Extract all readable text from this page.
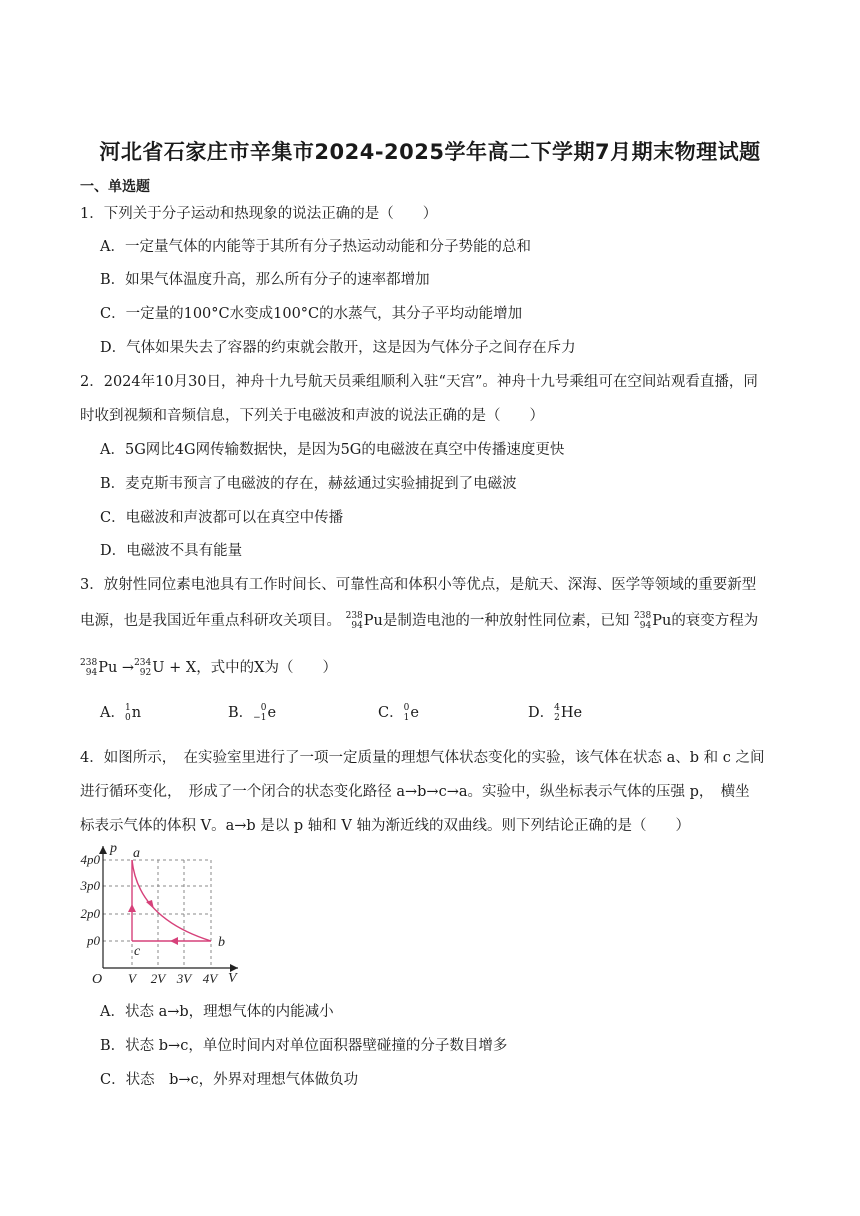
河北省石家庄市辛集市2024-2025学年高二下学期7月期末物理试题
一、单选题
1．下列关于分子运动和热现象的说法正确的是（　　）
A．一定量气体的内能等于其所有分子热运动动能和分子势能的总和
B．如果气体温度升高，那么所有分子的速率都增加
C．一定量的100°C水变成100°C的水蒸气，其分子平均动能增加
D．气体如果失去了容器的约束就会散开，这是因为气体分子之间存在斥力
2．2024年10月30日，神舟十九号航天员乘组顺利入驻“天宫”。神舟十九号乘组可在空间站观看直播，同
时收到视频和音频信息，下列关于电磁波和声波的说法正确的是（　　）
A．5G网比4G网传输数据快，是因为5G的电磁波在真空中传播速度更快
B．麦克斯韦预言了电磁波的存在，赫兹通过实验捕捉到了电磁波
C．电磁波和声波都可以在真空中传播
D．电磁波不具有能量
3．放射性同位素电池具有工作时间长、可靠性高和体积小等优点，是航天、深海、医学等领域的重要新型
电源，也是我国近年重点科研攻关项目。 238
94 Pu是制造电池的一种放射性同位素，已知 238
94 Pu的衰变方程为
238
94 Pu → 234
92 U + X，式中的X为（　　）
A． 1
0 n	B． 0
−1 e	C． 0
1 e	D． 4
2 He
4．如图所示，　在实验室里进行了一项一定质量的理想气体状态变化的实验，该气体在状态 a、b 和 c 之间
进行循环变化，　形成了一个闭合的状态变化路径 a→b→c→a。实验中，纵坐标表示气体的压强 p，　横坐
标表示气体的体积 V。a→b 是以 p 轴和 V 轴为渐近线的双曲线。则下列结论正确的是（　　）
p
V
O
a
b
c
p0
2p0
3p0
4p0
V 2V 3V 4V
A．状态 a→b，理想气体的内能减小
B．状态 b→c，单位时间内对单位面积器壁碰撞的分子数目增多
C．状态　b→c，外界对理想气体做负功
